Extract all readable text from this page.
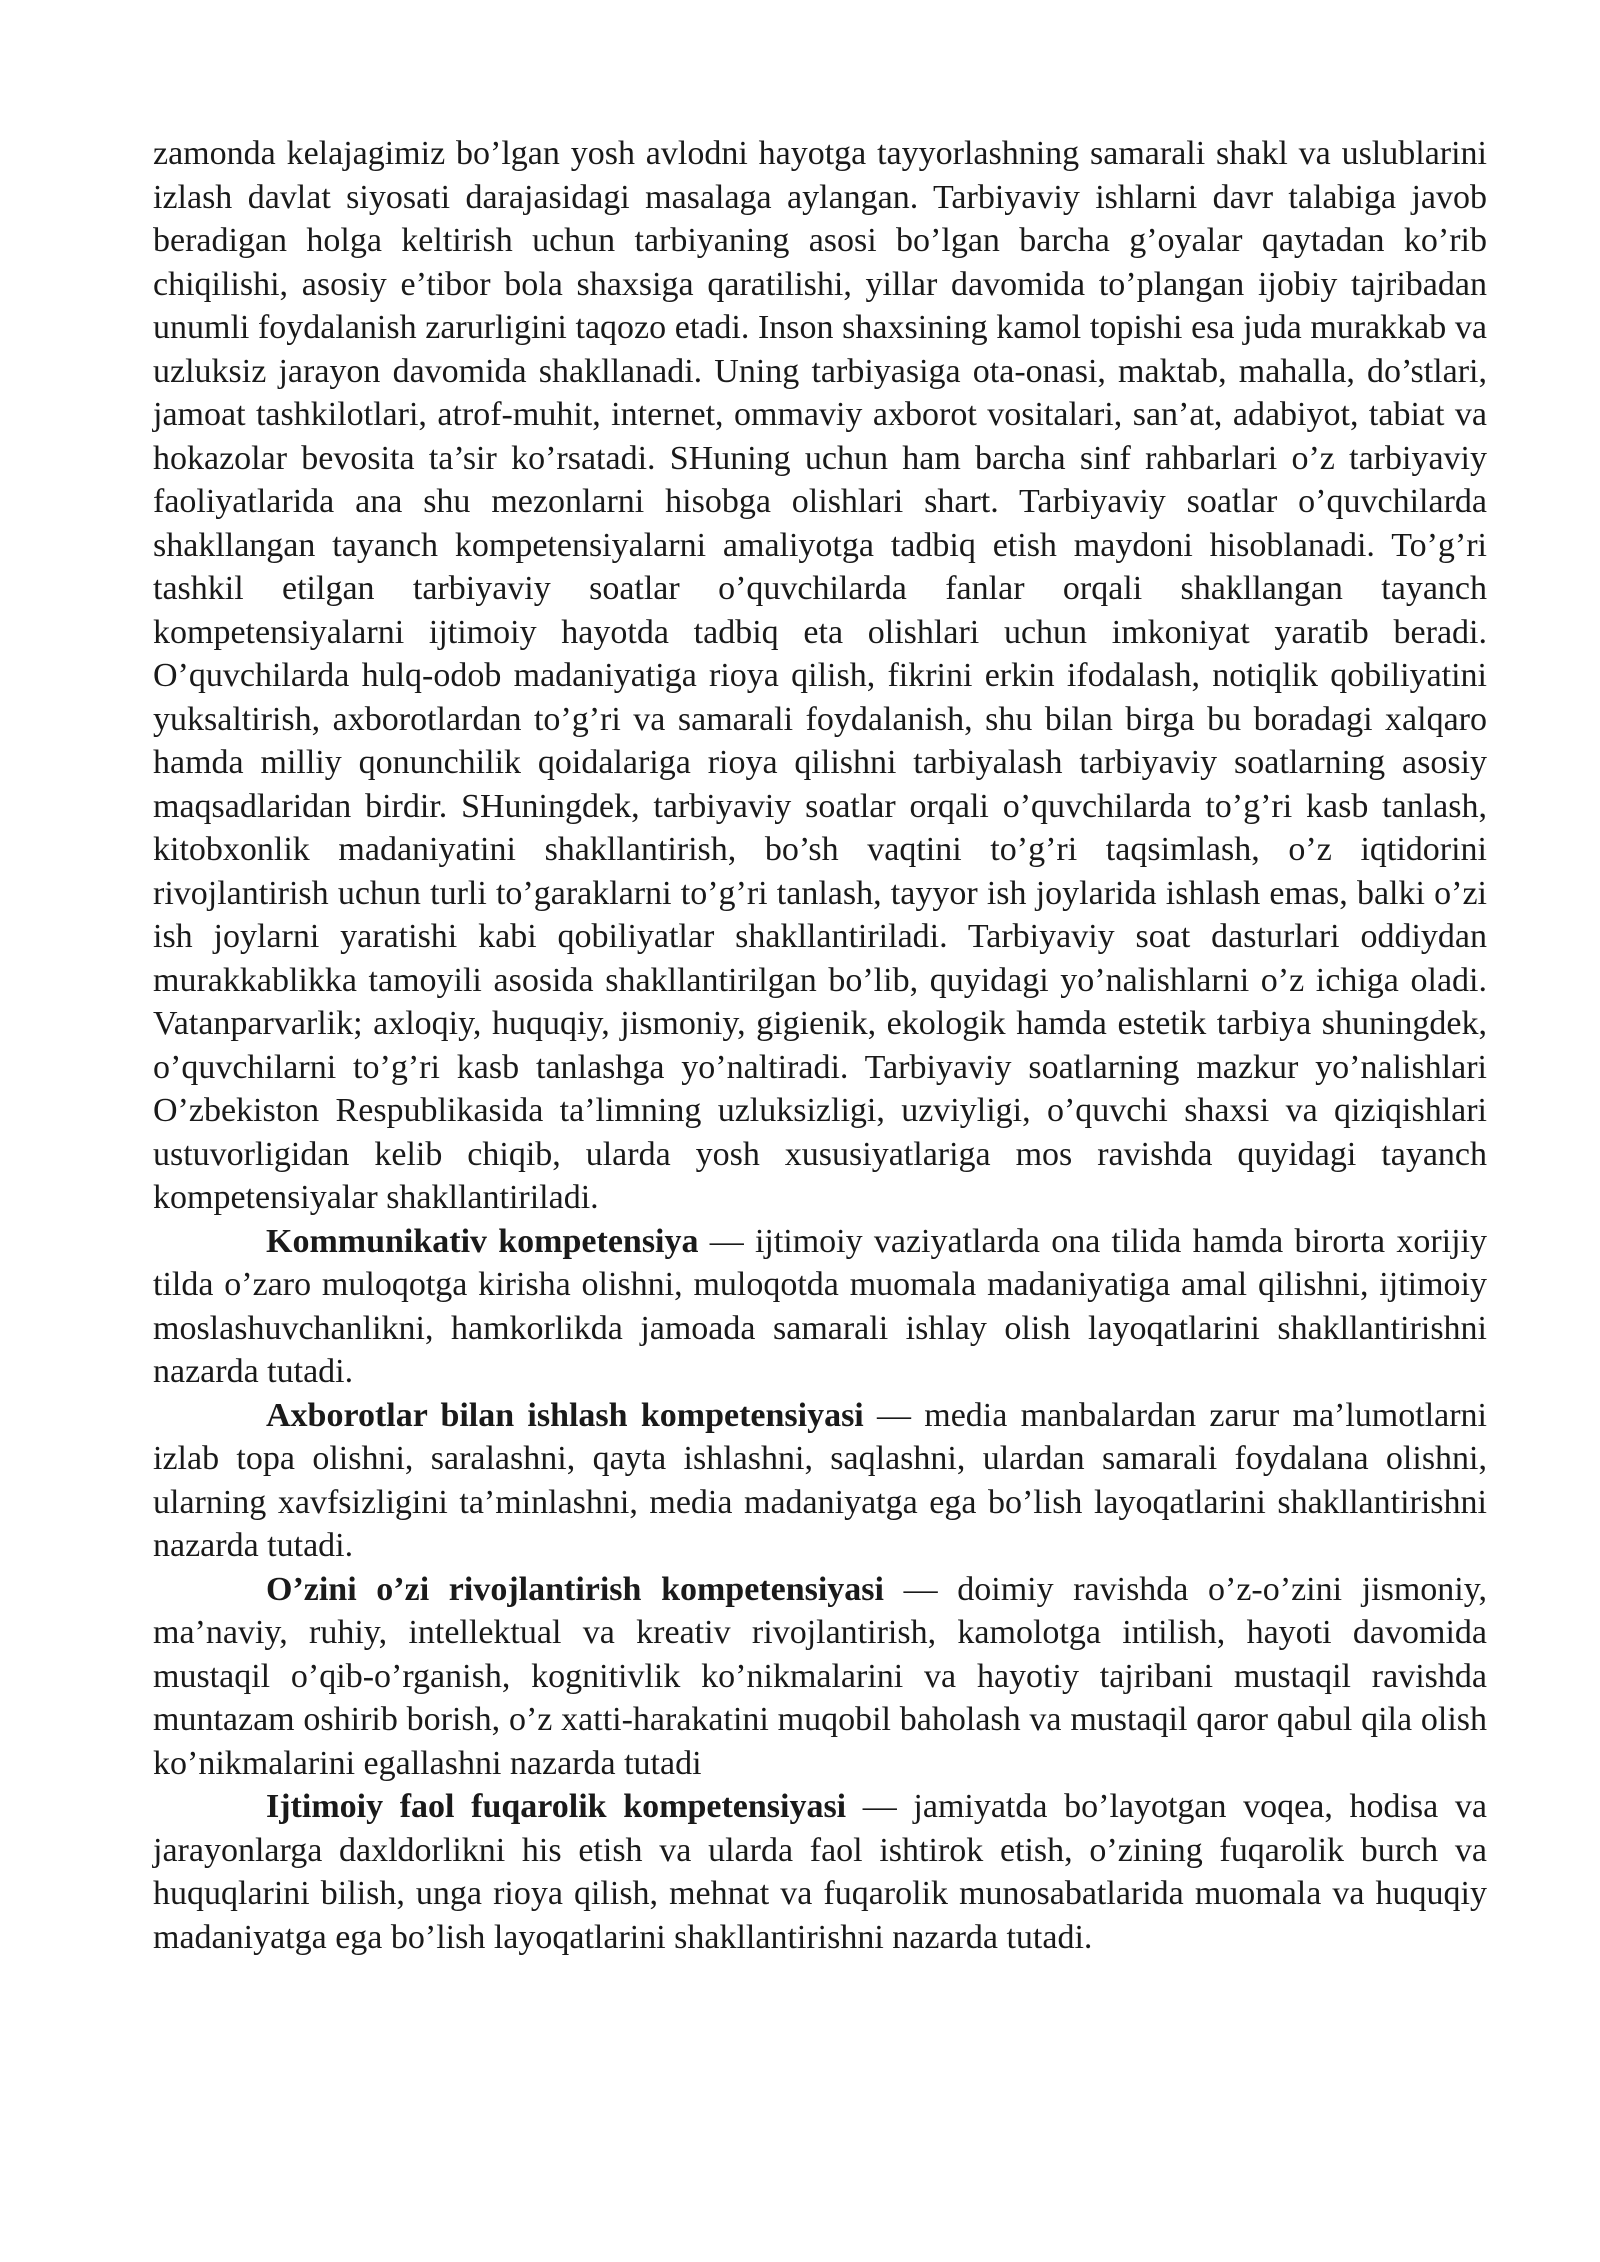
zamonda kelajagimiz bo’lgan yosh avlodni hayotga tayyorlashning samarali shakl va uslublarini izlash davlat siyosati darajasidagi masalaga aylangan. Tarbiyaviy ishlarni davr talabiga javob beradigan holga keltirish uchun tarbiyaning asosi bo’lgan barcha g’oyalar qaytadan ko’rib chiqilishi, asosiy e’tibor bola shaxsiga qaratilishi, yillar davomida to’plangan ijobiy tajribadan unumli foydalanish zarurligini taqozo etadi. Inson shaxsining kamol topishi esa juda murakkab va uzluksiz jarayon davomida shakllanadi. Uning tarbiyasiga ota-onasi, maktab, mahalla, do’stlari, jamoat tashkilotlari, atrof-muhit, internet, ommaviy axborot vositalari, san’at, adabiyot, tabiat va hokazolar bevosita ta’sir ko’rsatadi. SHuning uchun ham barcha sinf rahbarlari o’z tarbiyaviy faoliyatlarida ana shu mezonlarni hisobga olishlari shart. Tarbiyaviy soatlar o’quvchilarda shakllangan tayanch kompetensiyalarni amaliyotga tadbiq etish maydoni hisoblanadi. To’g’ri tashkil etilgan tarbiyaviy soatlar o’quvchilarda fanlar orqali shakllangan tayanch kompetensiyalarni ijtimoiy hayotda tadbiq eta olishlari uchun imkoniyat yaratib beradi. O’quvchilarda hulq-odob madaniyatiga rioya qilish, fikrini erkin ifodalash, notiqlik qobiliyatini yuksaltirish, axborotlardan to’g’ri va samarali foydalanish, shu bilan birga bu boradagi xalqaro hamda milliy qonunchilik qoidalariga rioya qilishni tarbiyalash tarbiyaviy soatlarning asosiy maqsadlaridan birdir. SHuningdek, tarbiyaviy soatlar orqali o’quvchilarda to’g’ri kasb tanlash, kitobxonlik madaniyatini shakllantirish, bo’sh vaqtini to’g’ri taqsimlash, o’z iqtidorini rivojlantirish uchun turli to’garaklarni to’g’ri tanlash, tayyor ish joylarida ishlash emas, balki o’zi ish joylarni yaratishi kabi qobiliyatlar shakllantiriladi. Tarbiyaviy soat dasturlari oddiydan murakkablikka tamoyili asosida shakllantirilgan bo’lib, quyidagi yo’nalishlarni o’z ichiga oladi. Vatanparvarlik; axloqiy, huquqiy, jismoniy, gigienik, ekologik hamda estetik tarbiya shuningdek, o’quvchilarni to’g’ri kasb tanlashga yo’naltiradi. Tarbiyaviy soatlarning mazkur yo’nalishlari O’zbekiston Respublikasida ta’limning uzluksizligi, uzviyligi, o’quvchi shaxsi va qiziqishlari ustuvorligidan kelib chiqib, ularda yosh xususiyatlariga mos ravishda quyidagi tayanch kompetensiyalar shakllantiriladi.

Kommunikativ kompetensiya — ijtimoiy vaziyatlarda ona tilida hamda birorta xorijiy tilda o’zaro muloqotga kirisha olishni, muloqotda muomala madaniyatiga amal qilishni, ijtimoiy moslashuvchanlikni, hamkorlikda jamoada samarali ishlay olish layoqatlarini shakllantirishni nazarda tutadi.

Axborotlar bilan ishlash kompetensiyasi — media manbalardan zarur ma’lumotlarni izlab topa olishni, saralashni, qayta ishlashni, saqlashni, ulardan samarali foydalana olishni, ularning xavfsizligini ta’minlashni, media madaniyatga ega bo’lish layoqatlarini shakllantirishni nazarda tutadi.

O’zini o’zi rivojlantirish kompetensiyasi — doimiy ravishda o’z-o’zini jismoniy, ma’naviy, ruhiy, intellektual va kreativ rivojlantirish, kamolotga intilish, hayoti davomida mustaqil o’qib-o’rganish, kognitivlik ko’nikmalarini va hayotiy tajribani mustaqil ravishda muntazam oshirib borish, o’z xatti-harakatini muqobil baholash va mustaqil qaror qabul qila olish ko’nikmalarini egallashni nazarda tutadi

Ijtimoiy faol fuqarolik kompetensiyasi — jamiyatda bo’layotgan voqea, hodisa va jarayonlarga daxldorlikni his etish va ularda faol ishtirok etish, o’zining fuqarolik burch va huquqlarini bilish, unga rioya qilish, mehnat va fuqarolik munosabatlarida muomala va huquqiy madaniyatga ega bo’lish layoqatlarini shakllantirishni nazarda tutadi.
